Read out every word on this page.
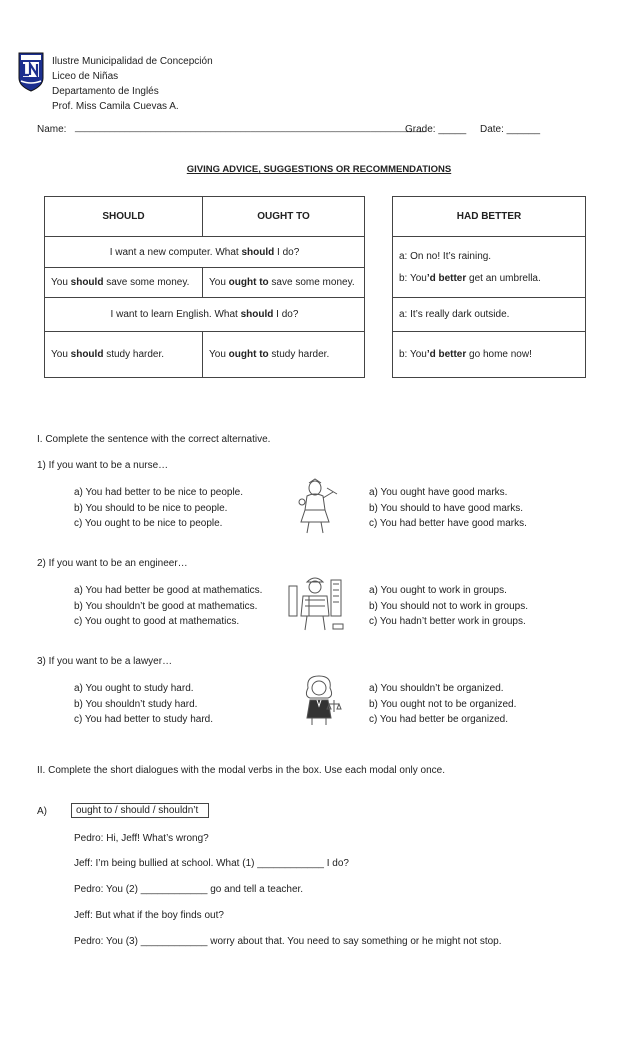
Ilustre Municipalidad de Concepción
Liceo de Niñas
Departamento de Inglés
Prof. Miss Camila Cuevas A.
Name: ______________________________________________________________________
Grade: _____ Date: ______
GIVING ADVICE, SUGGESTIONS OR RECOMMENDATIONS
SHOULD	OUGHT TO
I want a new computer. What should I do?	
You should save some money.	You ought to save some money.
I want to learn English. What should I do?	
You should study harder.	You ought to study harder.
HAD BETTER

a: On no! It’s raining.
b: You’d better get an umbrella.

a: It’s really dark outside.
b: You’d better go home now!
I. Complete the sentence with the correct alternative.
1) If you want to be a nurse…
a) You had better to be nice to people.
b) You should to be nice to people.
c) You ought to be nice to people.
a) You ought have good marks.
b) You should to have good marks.
c) You had better have good marks.
2) If you want to be an engineer…
a) You had better be good at mathematics.
b) You shouldn’t be good at mathematics.
c) You ought to good at mathematics.
a) You ought to work in groups.
b) You should not to work in groups.
c) You hadn’t better work in groups.
3) If you want to be a lawyer…
a) You ought to study hard.
b) You shouldn’t study hard.
c) You had better to study hard.
a) You shouldn’t be organized.
b) You ought not to be organized.
c) You had better be organized.
II. Complete the short dialogues with the modal verbs in the box. Use each modal only once.
A)	ought to / should / shouldn’t
Pedro: Hi, Jeff! What’s wrong?
Jeff: I’m being bullied at school. What (1) ____________ I do?
Pedro: You (2) ____________ go and tell a teacher.
Jeff: But what if the boy finds out?
Pedro: You (3) ____________ worry about that. You need to say something or he might not stop.
